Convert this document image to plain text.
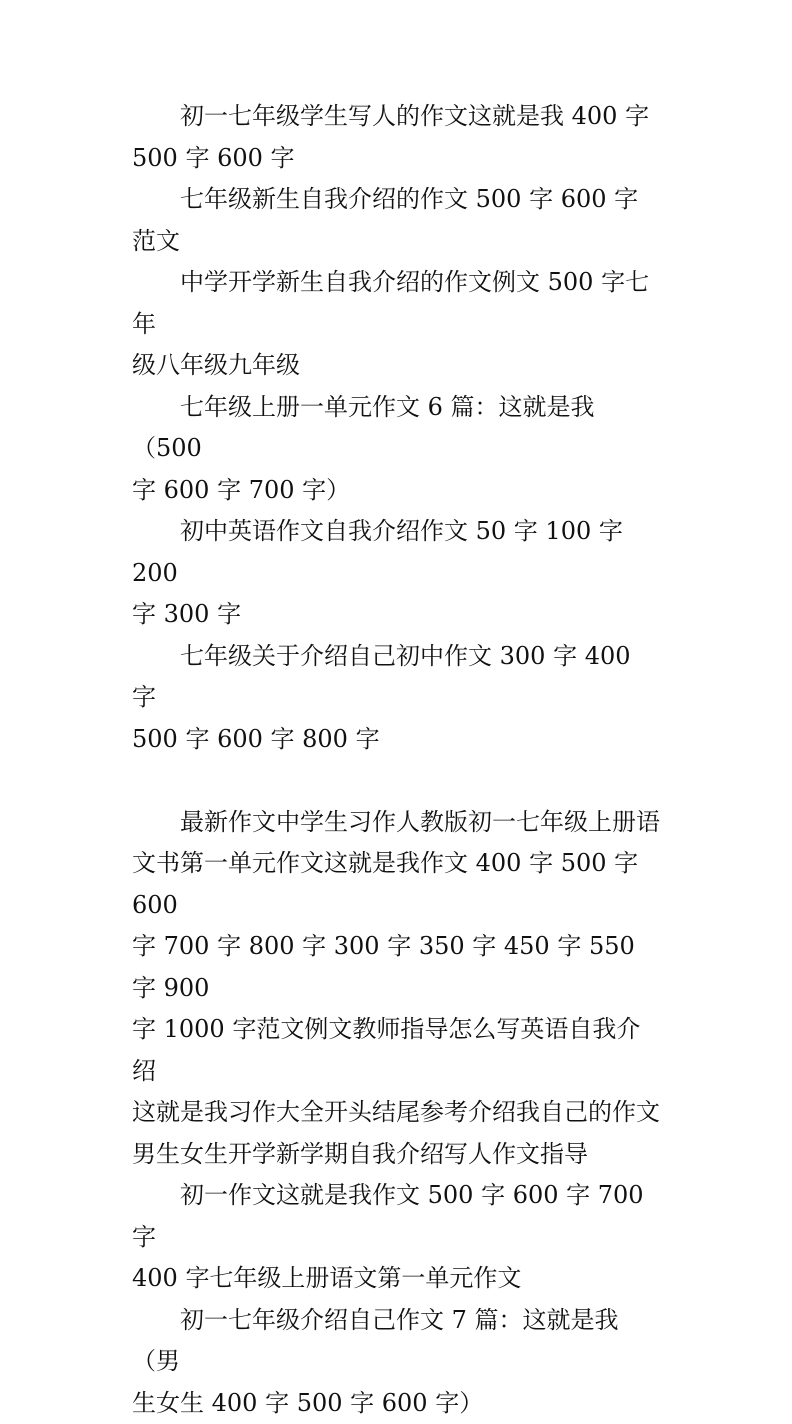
初一七年级学生写人的作文这就是我 400 字
500 字 600 字

七年级新生自我介绍的作文 500 字 600 字范文

中学开学新生自我介绍的作文例文 500 字七年
级八年级九年级

七年级上册一单元作文 6 篇：这就是我（500
字 600 字 700 字）

初中英语作文自我介绍作文 50 字 100 字 200
字 300 字

七年级关于介绍自己初中作文 300 字 400 字
500 字 600 字 800 字

最新作文中学生习作人教版初一七年级上册语
文书第一单元作文这就是我作文 400 字 500 字 600
字 700 字 800 字 300 字 350 字 450 字 550 字 900
字 1000 字范文例文教师指导怎么写英语自我介绍
这就是我习作大全开头结尾参考介绍我自己的作文
男生女生开学新学期自我介绍写人作文指导

初一作文这就是我作文 500 字 600 字 700 字
400 字七年级上册语文第一单元作文

初一七年级介绍自己作文 7 篇：这就是我（男
生女生 400 字 500 字 600 字）
